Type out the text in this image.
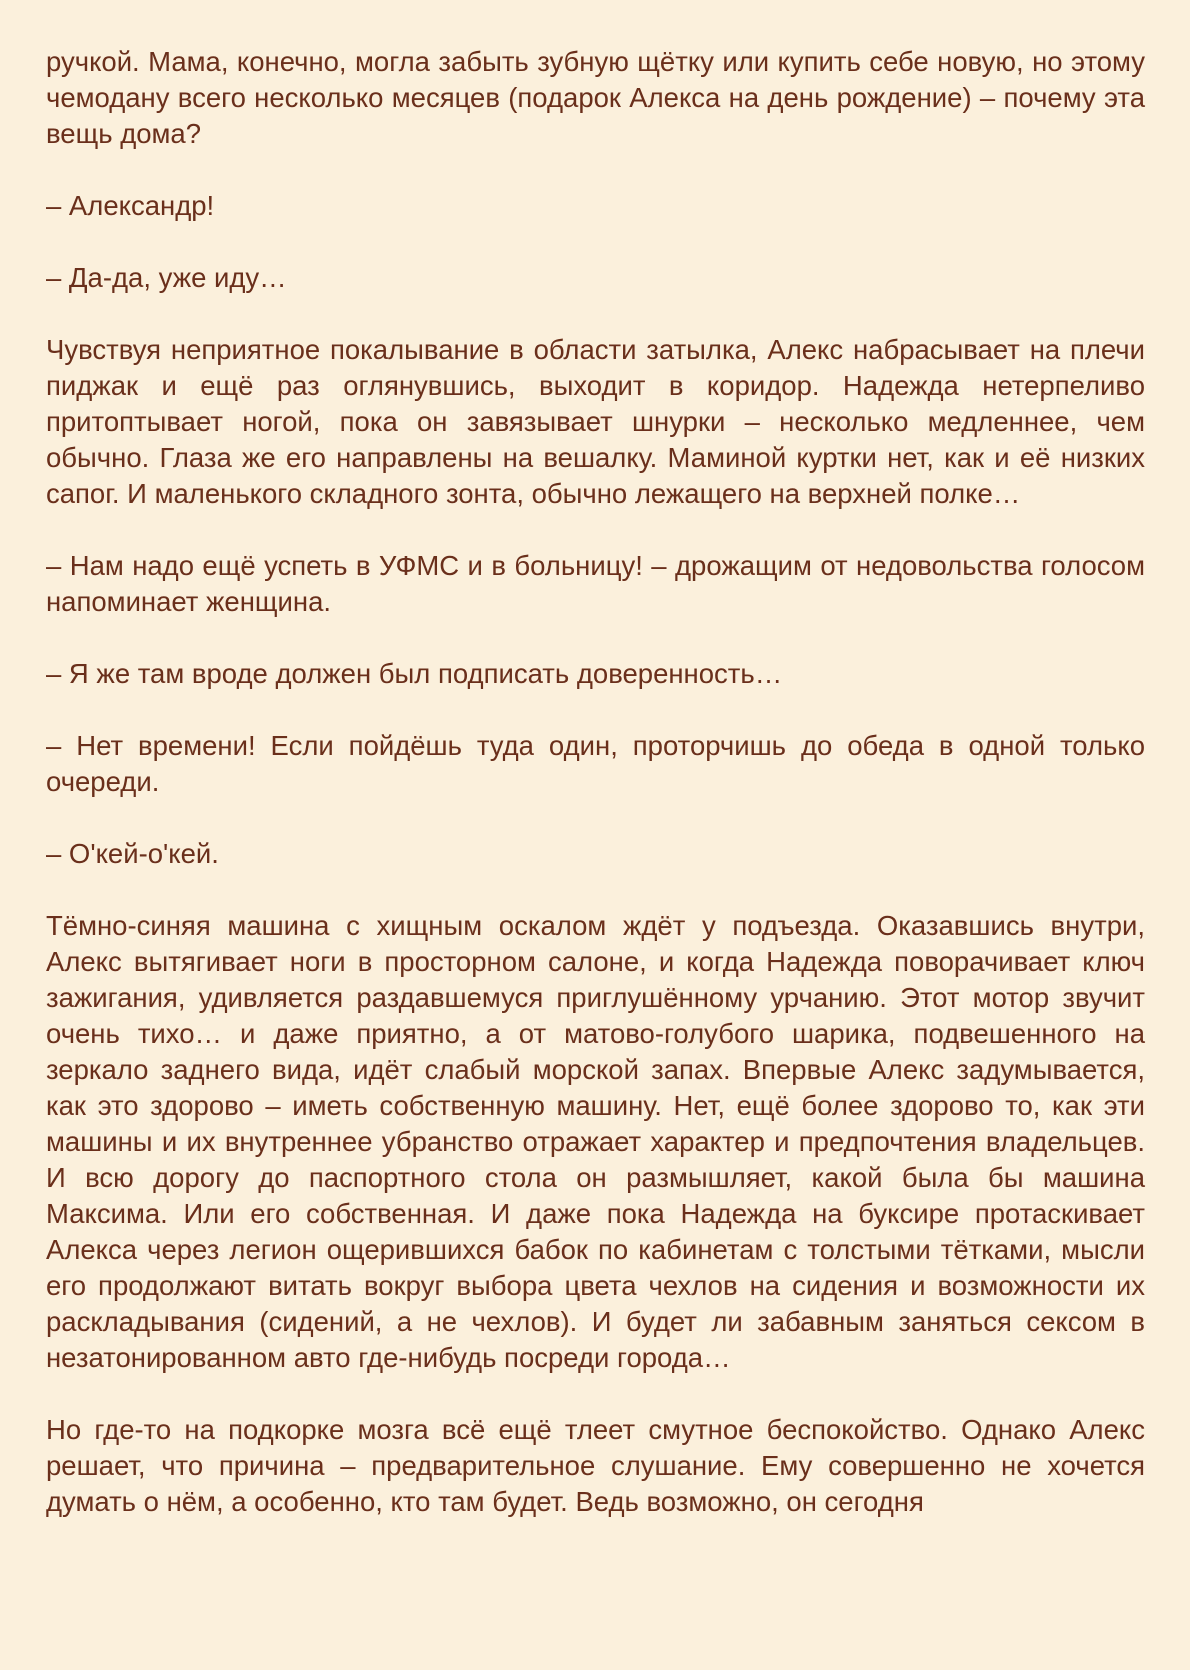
ручкой. Мама, конечно, могла забыть зубную щётку или купить себе новую, но этому чемодану всего несколько месяцев (подарок Алекса на день рождение) – почему эта вещь дома?

– Александр!

– Да-да, уже иду…

Чувствуя неприятное покалывание в области затылка, Алекс набрасывает на плечи пиджак и ещё раз оглянувшись, выходит в коридор. Надежда нетерпеливо притоптывает ногой, пока он завязывает шнурки – несколько медленнее, чем обычно. Глаза же его направлены на вешалку. Маминой куртки нет, как и её низких сапог. И маленького складного зонта, обычно лежащего на верхней полке…

– Нам надо ещё успеть в УФМС и в больницу! – дрожащим от недовольства голосом напоминает женщина.

– Я же там вроде должен был подписать доверенность…

– Нет времени! Если пойдёшь туда один, проторчишь до обеда в одной только очереди.

– О'кей-о'кей.

Тёмно-синяя машина с хищным оскалом ждёт у подъезда. Оказавшись внутри, Алекс вытягивает ноги в просторном салоне, и когда Надежда поворачивает ключ зажигания, удивляется раздавшемуся приглушённому урчанию. Этот мотор звучит очень тихо… и даже приятно, а от матово-голубого шарика, подвешенного на зеркало заднего вида, идёт слабый морской запах. Впервые Алекс задумывается, как это здорово – иметь собственную машину. Нет, ещё более здорово то, как эти машины и их внутреннее убранство отражает характер и предпочтения владельцев. И всю дорогу до паспортного стола он размышляет, какой была бы машина Максима. Или его собственная. И даже пока Надежда на буксире протаскивает Алекса через легион ощерившихся бабок по кабинетам с толстыми тётками, мысли его продолжают витать вокруг выбора цвета чехлов на сидения и возможности их раскладывания (сидений, а не чехлов). И будет ли забавным заняться сексом в незатонированном авто где-нибудь посреди города…

Но где-то на подкорке мозга всё ещё тлеет смутное беспокойство. Однако Алекс решает, что причина – предварительное слушание. Ему совершенно не хочется думать о нём, а особенно, кто там будет. Ведь возможно, он сегодня
